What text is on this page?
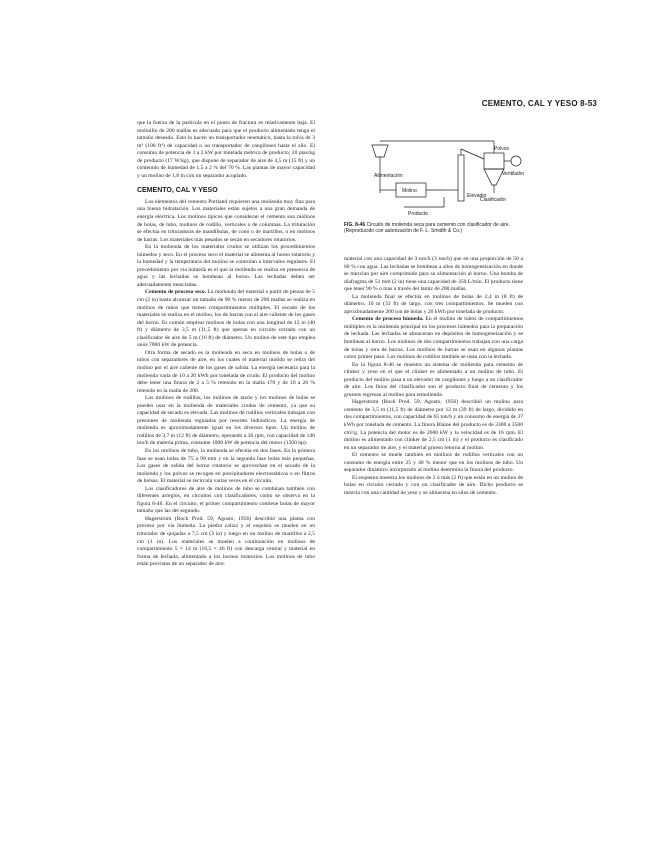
CEMENTO, CAL Y YESO 8-53

que la fuerza de la partícula en el punto de fractura es relativamente baja. El molinillo de 200 mallas es adecuado para que el producto alimentado tenga el tamaño deseado. Esto lo hacen un transportador neumático, hasta la tolva de 3 m³ (100 ft³) de capacidad o un transportador de cangilones hasta el silo. El consumo de potencia de 1 a 2 kW por tonelada métrica de producto; 20 ptas/kg de producto (17 W/kg), que dispone de separador de aire de 4,5 m (15 ft) y un contenido de humedad de 1,5 a 2 % del 70 %. Las plantas de mayor capacidad y un molino de 1,8 m con un separador acoplado.

CEMENTO, CAL Y YESO

Los elementos del cemento Portland requieren una molienda muy fina para una buena hidratación. Los materiales están sujetos a una gran demanda de energía eléctrica. Los molinos típicos que consideran el cemento son molinos de bolas, de tubo, molinos de rodillo, verticales o de columnas. La trituración se efectúa en trituradoras de mandíbulas, de cono o de martillos, o en molinos de barras. Los materiales más pesados se secan en secadores rotatorios.

En la molienda de los materiales crudos se utilizan los procedimientos húmedos y seco. En el proceso seco el material se alimenta al horno rotatorio y la humedad y la temperatura del molino se controlan a intervalos regulares. El procedimiento por vía húmeda es el que la molienda se realiza en presencia de agua y las lechadas se bombean al horno. Las lechadas deben ser adecuadamente mezcladas.

Cemento de proceso seco. La molienda del material a partir de piezas de 5 cm (2 in) hasta alcanzar un tamaño de 90 % menor de 200 mallas se realiza en molinos de tubos que tienen compartimientos múltiples. El secado de los materiales se realiza en el molino, los de barras con el aire caliente de los gases del horno. Es común emplear molinos de bolas con una longitud de 12 m (40 ft) y diámetro de 3,5 m (11,5 ft) que operan en circuito cerrado con un clasificador de aire de 5 m (16 ft) de diámetro. Un molino de este tipo emplea unos 7000 kW de potencia.

Otra forma de secado es la molienda en seco en molinos de bolas o de tubos con separadores de aire, en los cuales el material molido se retira del molino por el aire caliente de los gases de salida. La energía necesaria para la molienda varía de 10 a 20 kWh por tonelada de crudo. El producto del molino debe tener una finura de 2 a 5 % retenido en la malla 170 y de 10 a 20 % retenido en la malla de 200.

Los molinos de rodillos, los molinos de tazón y los molinos de bolas se pueden usar en la molienda de materiales crudos de cemento, ya que su capacidad de secado es elevada. Las molinos de rodillos verticales trabajan con presiones de molienda reguladas por resortes hidráulicos. La energía de molienda es aproximadamente igual en los diversos tipos. Un molino de rodillos de 3,7 m (12 ft) de diámetro, operando a 30 rpm, con capacidad de 140 ton/h de materia prima, consume 1000 kW de potencia del motor (1500 hp).

En los molinos de tubo, la molienda se efectúa en dos fases. En la primera fase se usan bolas de 75 a 90 mm y en la segunda fase bolas más pequeñas. Los gases de salida del horno rotatorio se aprovechan en el secado de la molienda y los polvos se recogen en precipitadores electrostáticos o en filtros de bolsas. El material se recircula varias veces en el circuito.

Los clasificadores de aire de molinos de tubo se combinan también con diferentes arreglos, en circuitos con clasificadores, como se observa en la figura 8-46. En el circuito, el primer compartimiento contiene bolas de mayor tamaño que las del segundo.

Hagerstrom (Rock Prod. 59, Agosto, 1956) describió una planta con proceso por vía húmeda. La piedra caliza y el esquisto se muelen en un triturador de quijadas a 7,5 cm (3 in) y luego en un molino de martillos a 2,5 cm (1 in). Los materiales se muelen a continuación en molinos de compartimiento 5 × 14 m (16,5 × 46 ft) con descarga central y material en forma de lechada, alimentado a los hornos rotatorios. Los molinos de tubo están provistos de un separador de aire.

Alimentación
Molino
Producto
Elevador
Clasificador
Polvos
Ventilador
FIG. 8-46 Circuito de molienda seca para cemento con clasificador de aire. (Reproducido con autorización de F. L. Smidth & Co.)

material con una capacidad de 3 ton/h (3 ton/h) que en una proporción de 50 a 60 % con agua. Las lechadas se bombean a silos de homogeneización en donde se mezclan por aire comprimido para su alimentación al horno. Una bomba de diafragma de 51 mm (2 in) tiene una capacidad de 350 L/min. El producto tiene que tener 90 % o más a través del tamiz de 200 mallas.

La molienda final se efectúa en molinos de bolas de 2,4 m (8 ft) de diámetro, 10 m (33 ft) de largo, con tres compartimientos. Se muelen con aproximadamente 200 ton de bolas y 20 kWh por tonelada de producto.

Cemento de proceso húmedo. En el molino de tubos de compartimientos múltiples es la molienda principal en los procesos húmedos para la preparación de lechada. Las lechadas se almacenan en depósitos de homogeneización y se bombean al horno. Los molinos de dos compartimientos trabajan con una carga de bolas y otra de barras. Los molinos de barras se usan en algunas plantas como primer paso. Los molinos de rodillos también se usan con la lechada.

En la figura 8-46 se muestra un sistema de molienda para cemento de clinker y yeso en el que el clinker es alimentado a un molino de tubo. El producto del molino pasa a un elevador de cangilones y luego a un clasificador de aire. Los finos del clasificador son el producto final de cemento y los gruesos regresan al molino para remolienda.

Hagerstrom (Rock Prod. 59, Agosto, 1956) describió un molino para cemento de 3,5 m (11,5 ft) de diámetro por 12 m (39 ft) de largo, dividido en dos compartimientos, con capacidad de 65 ton/h y un consumo de energía de 37 kWh por tonelada de cemento. La finura Blaine del producto es de 3300 a 3500 cm²/g. La potencia del motor es de 2600 kW y la velocidad es de 16 rpm. El molino es alimentado con clinker de 2,5 cm (1 in) y el producto es clasificado en un separador de aire, y el material grueso retorna al molino.

El cemento se muele también en molinos de rodillos verticales con un consumo de energía entre 25 y 40 % menor que en los molinos de tubo. Un separador dinámico incorporado al molino determina la finura del producto.

El esquema muestra los molinos de 2 ó más (2 ft) que están en un molino de bolas en circuito cerrado y con un clasificador de aire. Dicho producto se mezcla con una cantidad de yeso y se almacena en silos de cemento.
